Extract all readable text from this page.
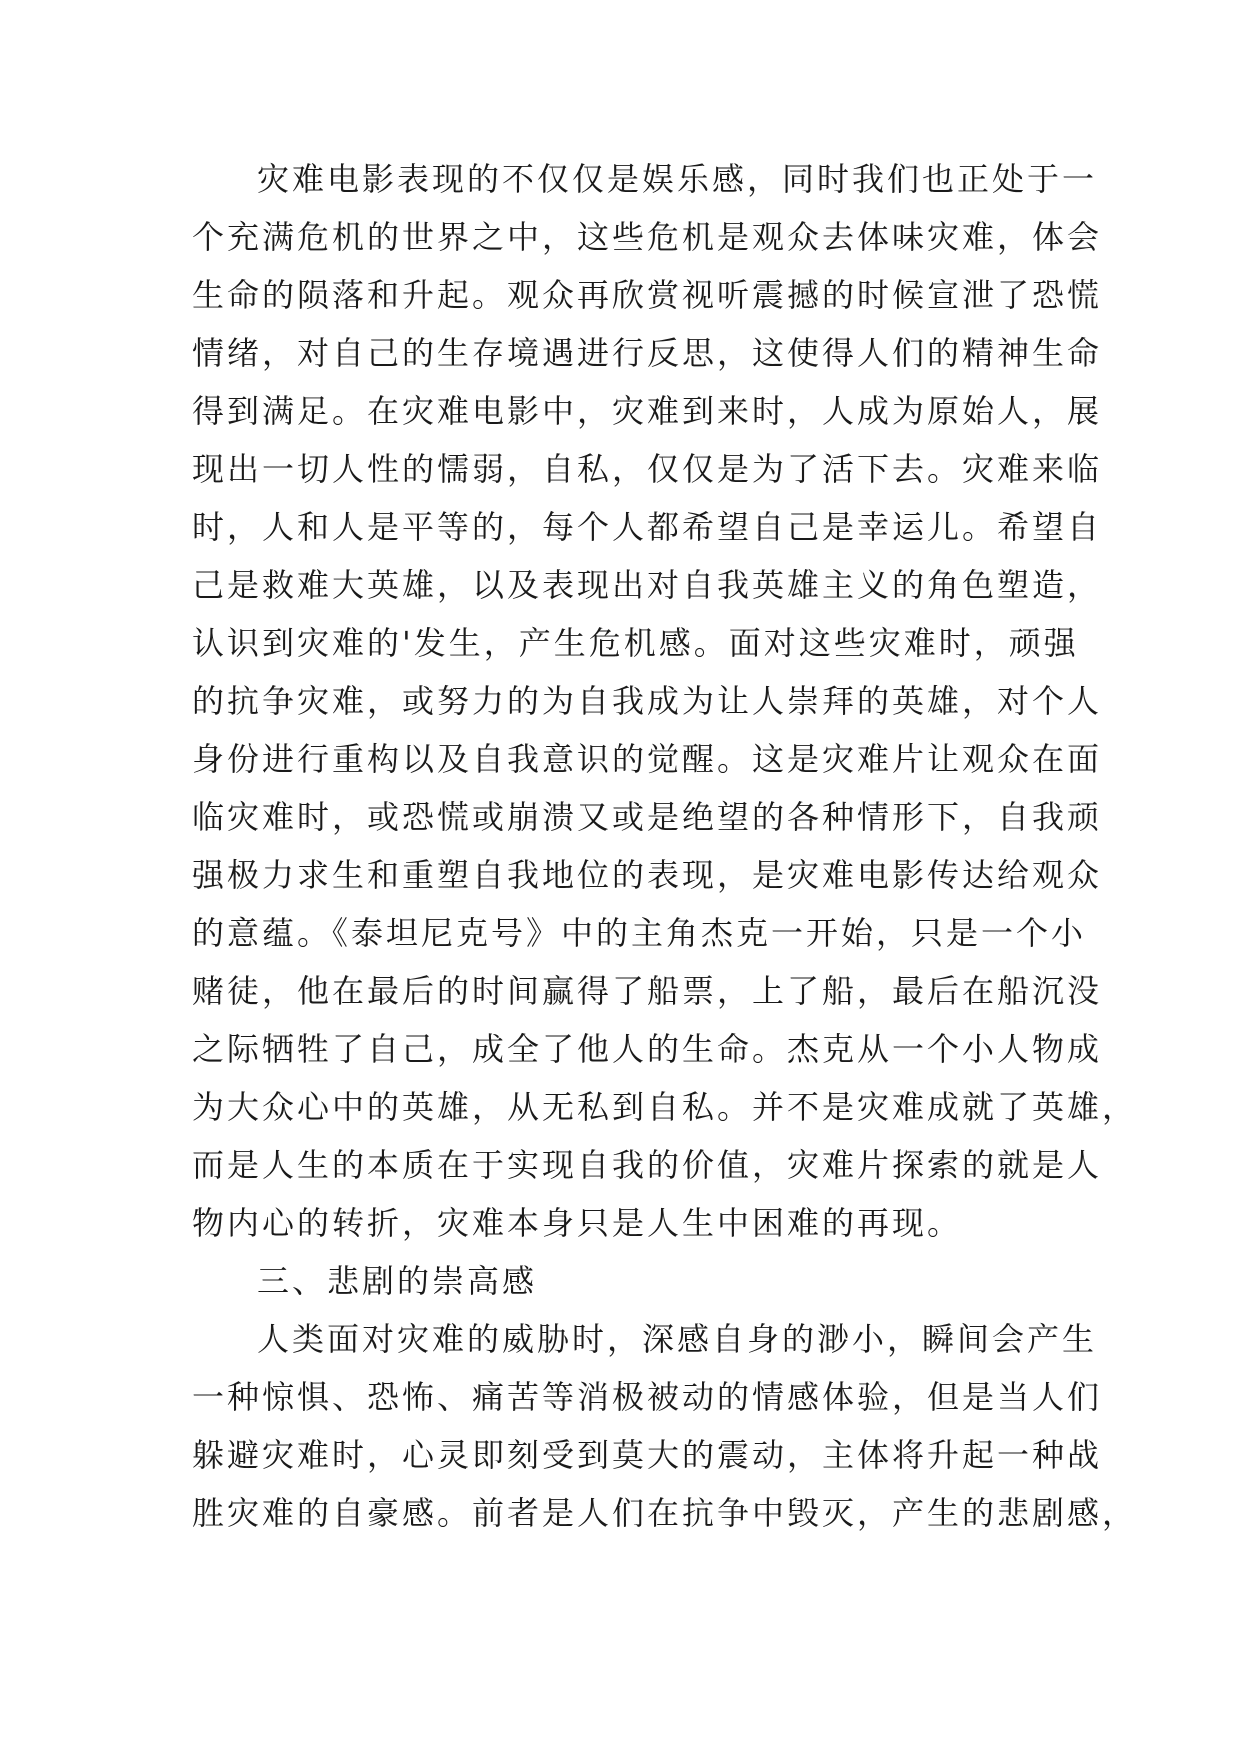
灾难电影表现的不仅仅是娱乐感，同时我们也正处于一
个充满危机的世界之中，这些危机是观众去体味灾难，体会
生命的陨落和升起。观众再欣赏视听震撼的时候宣泄了恐慌
情绪，对自己的生存境遇进行反思，这使得人们的精神生命
得到满足。在灾难电影中，灾难到来时，人成为原始人，展
现出一切人性的懦弱，自私，仅仅是为了活下去。灾难来临
时，人和人是平等的，每个人都希望自己是幸运儿。希望自
己是救难大英雄，以及表现出对自我英雄主义的角色塑造，
认识到灾难的'发生，产生危机感。面对这些灾难时，顽强
的抗争灾难，或努力的为自我成为让人崇拜的英雄，对个人
身份进行重构以及自我意识的觉醒。这是灾难片让观众在面
临灾难时，或恐慌或崩溃又或是绝望的各种情形下，自我顽
强极力求生和重塑自我地位的表现，是灾难电影传达给观众
的意蕴。《泰坦尼克号》中的主角杰克一开始，只是一个小
赌徒，他在最后的时间赢得了船票，上了船，最后在船沉没
之际牺牲了自己，成全了他人的生命。杰克从一个小人物成
为大众心中的英雄，从无私到自私。并不是灾难成就了英雄，
而是人生的本质在于实现自我的价值，灾难片探索的就是人
物内心的转折，灾难本身只是人生中困难的再现。
三、悲剧的崇高感
人类面对灾难的威胁时，深感自身的渺小，瞬间会产生
一种惊惧、恐怖、痛苦等消极被动的情感体验，但是当人们
躲避灾难时，心灵即刻受到莫大的震动，主体将升起一种战
胜灾难的自豪感。前者是人们在抗争中毁灭，产生的悲剧感，
